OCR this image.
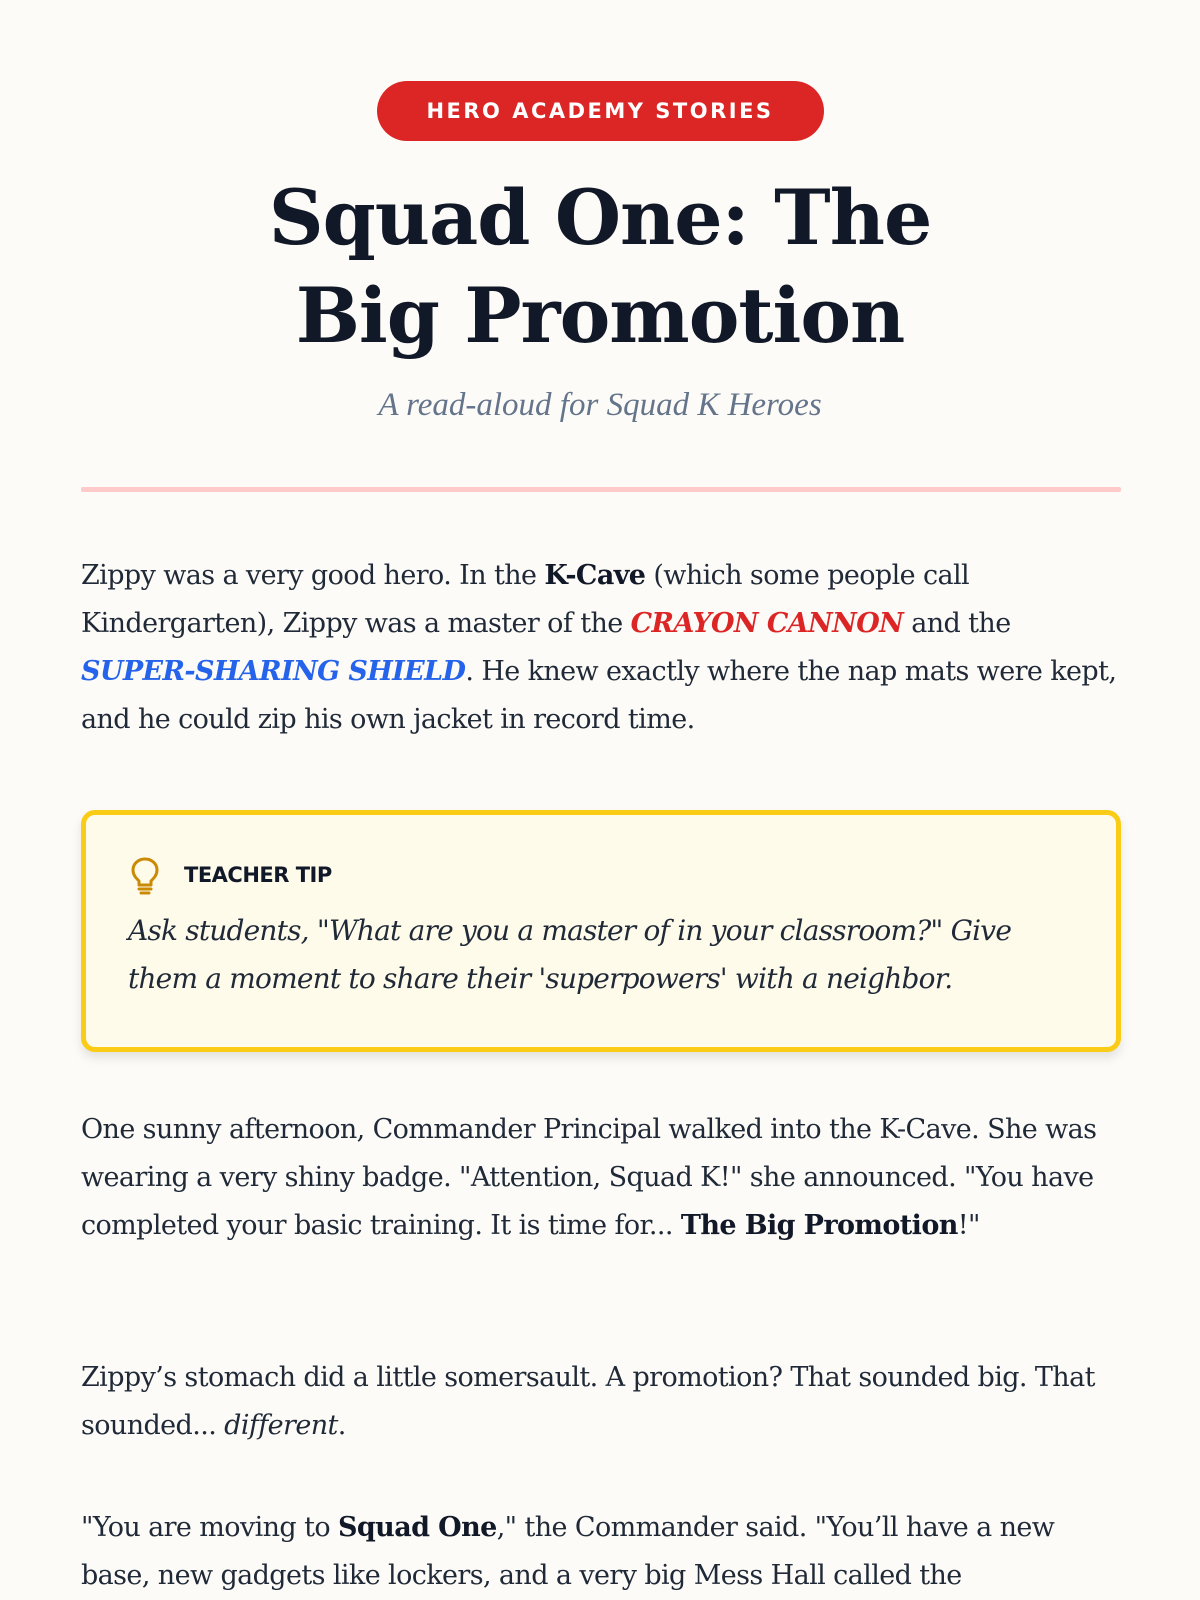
HERO ACADEMY STORIES
Squad One: The Big Promotion
A read-aloud for Squad K Heroes

Zippy was a very good hero. In the K-Cave (which some people call Kindergarten), Zippy was a master of the CRAYON CANNON and the SUPER-SHARING SHIELD. He knew exactly where the nap mats were kept, and he could zip his own jacket in record time.

TEACHER TIP

Ask students, "What are you a master of in your classroom?" Give them a moment to share their 'superpowers' with a neighbor.

One sunny afternoon, Commander Principal walked into the K-Cave. She was wearing a very shiny badge. "Attention, Squad K!" she announced. "You have completed your basic training. It is time for... The Big Promotion!"

Zippy’s stomach did a little somersault. A promotion? That sounded big. That sounded... different.

"You are moving to Squad One," the Commander said. "You’ll have a new base, new gadgets like lockers, and a very big Mess Hall called the
